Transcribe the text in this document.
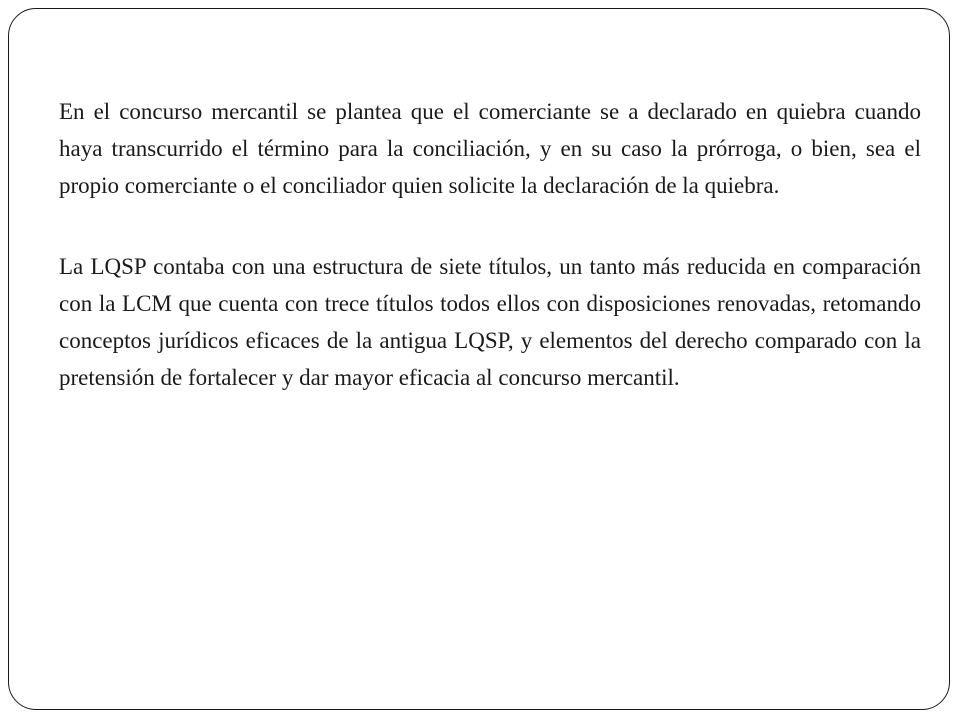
En el concurso mercantil se plantea que el comerciante se a declarado en quiebra cuando haya transcurrido el término para la conciliación, y en su caso la prórroga, o bien, sea el propio comerciante o el conciliador quien solicite la declaración de la quiebra.

La LQSP contaba con una estructura de siete títulos, un tanto más reducida en comparación con la LCM que cuenta con trece títulos todos ellos con disposiciones renovadas, retomando conceptos jurídicos eficaces de la antigua LQSP, y elementos del derecho comparado con la pretensión de fortalecer y dar mayor eficacia al concurso mercantil.
